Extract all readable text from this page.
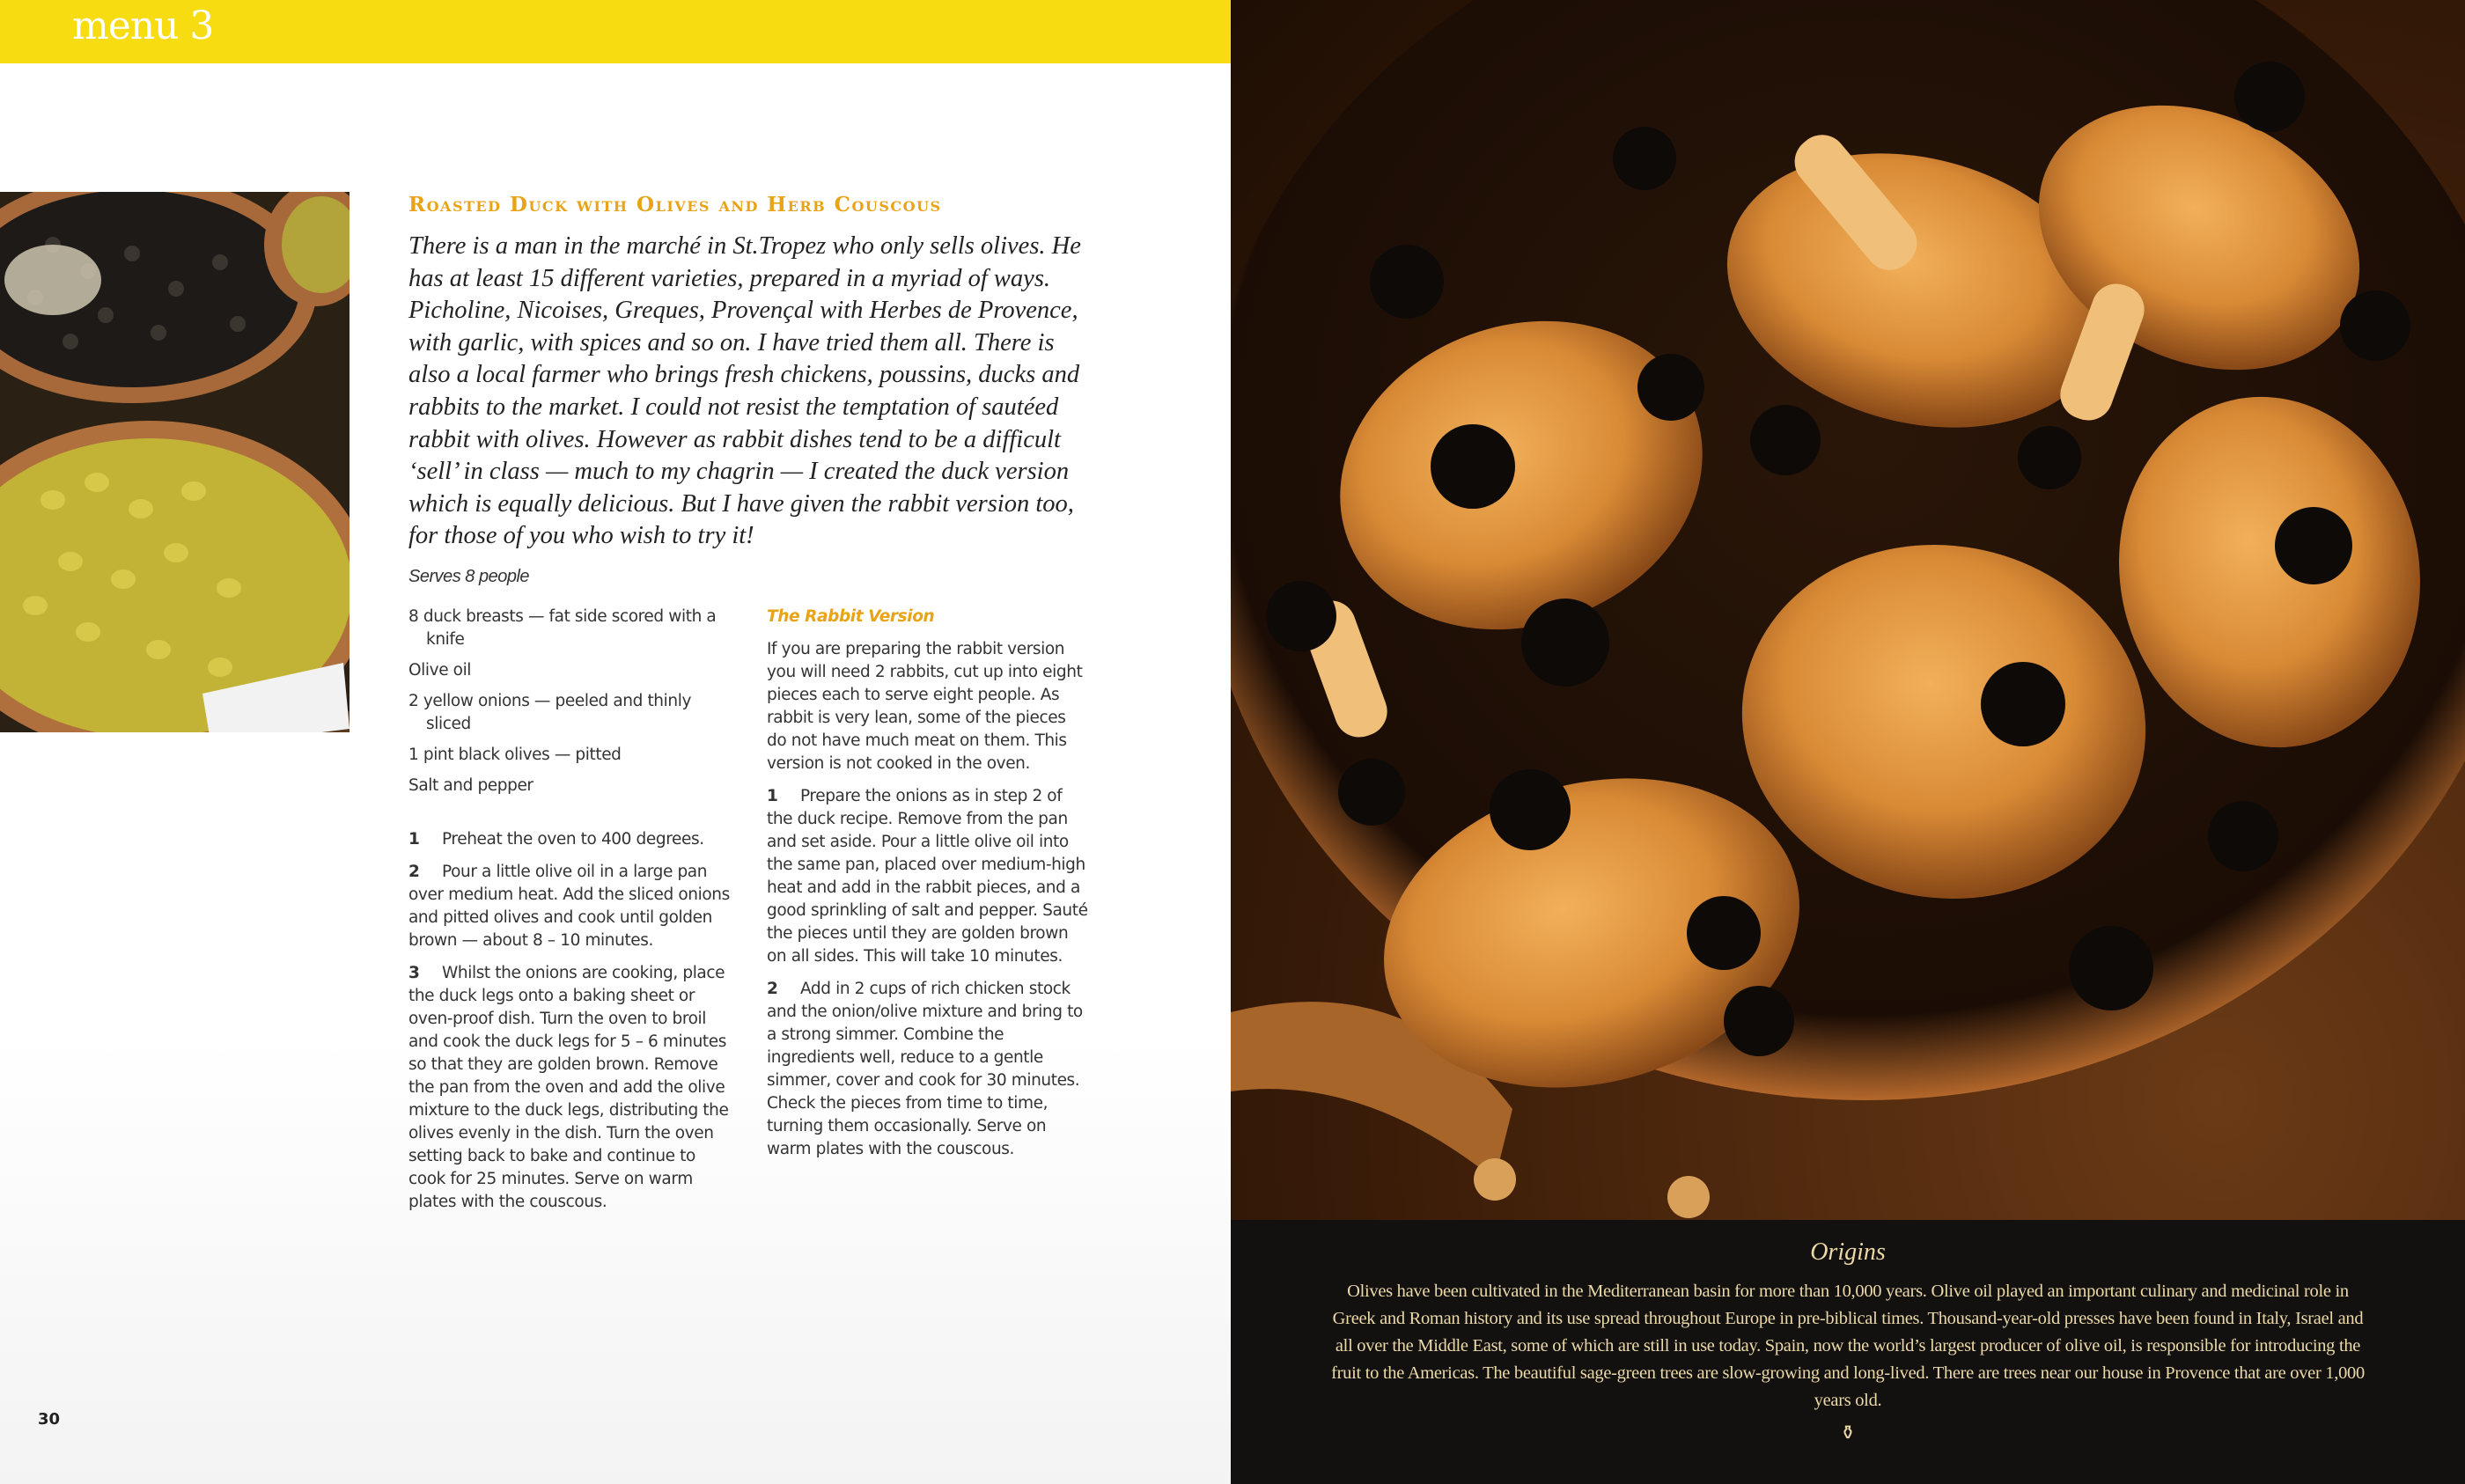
menu 3
Roasted Duck with Olives and Herb Couscous
There is a man in the marché in St.Tropez who only sells olives. He has at least 15 different varieties, prepared in a myriad of ways. Picholine, Nicoises, Greques, Provençal with Herbes de Provence, with garlic, with spices and so on. I have tried them all. There is also a local farmer who brings fresh chickens, poussins, ducks and rabbits to the market. I could not resist the temptation of sautéed rabbit with olives. However as rabbit dishes tend to be a difficult ‘sell’ in class — much to my chagrin — I created the duck version which is equally delicious. But I have given the rabbit version too, for those of you who wish to try it!
Serves 8 people
8 duck breasts — fat side scored with a knife
Olive oil
2 yellow onions — peeled and thinly sliced
1 pint black olives — pitted
Salt and pepper
1 Preheat the oven to 400 degrees.
2 Pour a little olive oil in a large pan over medium heat. Add the sliced onions and pitted olives and cook until golden brown — about 8 – 10 minutes.
3 Whilst the onions are cooking, place the duck legs onto a baking sheet or oven-proof dish. Turn the oven to broil and cook the duck legs for 5 – 6 minutes so that they are golden brown. Remove the pan from the oven and add the olive mixture to the duck legs, distributing the olives evenly in the dish. Turn the oven setting back to bake and continue to cook for 25 minutes. Serve on warm plates with the couscous.
The Rabbit Version
If you are preparing the rabbit version you will need 2 rabbits, cut up into eight pieces each to serve eight people. As rabbit is very lean, some of the pieces do not have much meat on them. This version is not cooked in the oven.
1 Prepare the onions as in step 2 of the duck recipe. Remove from the pan and set aside. Pour a little olive oil into the same pan, placed over medium-high heat and add in the rabbit pieces, and a good sprinkling of salt and pepper. Sauté the pieces until they are golden brown on all sides. This will take 10 minutes.
2 Add in 2 cups of rich chicken stock and the onion/olive mixture and bring to a strong simmer. Combine the ingredients well, reduce to a gentle simmer, cover and cook for 30 minutes. Check the pieces from time to time, turning them occasionally. Serve on warm plates with the couscous.
30
Origins
Olives have been cultivated in the Mediterranean basin for more than 10,000 years. Olive oil played an important culinary and medicinal role in Greek and Roman history and its use spread throughout Europe in pre-biblical times. Thousand-year-old presses have been found in Italy, Israel and all over the Middle East, some of which are still in use today. Spain, now the world’s largest producer of olive oil, is responsible for introducing the fruit to the Americas. The beautiful sage-green trees are slow-growing and long-lived. There are trees near our house in Provence that are over 1,000 years old.
⚱
